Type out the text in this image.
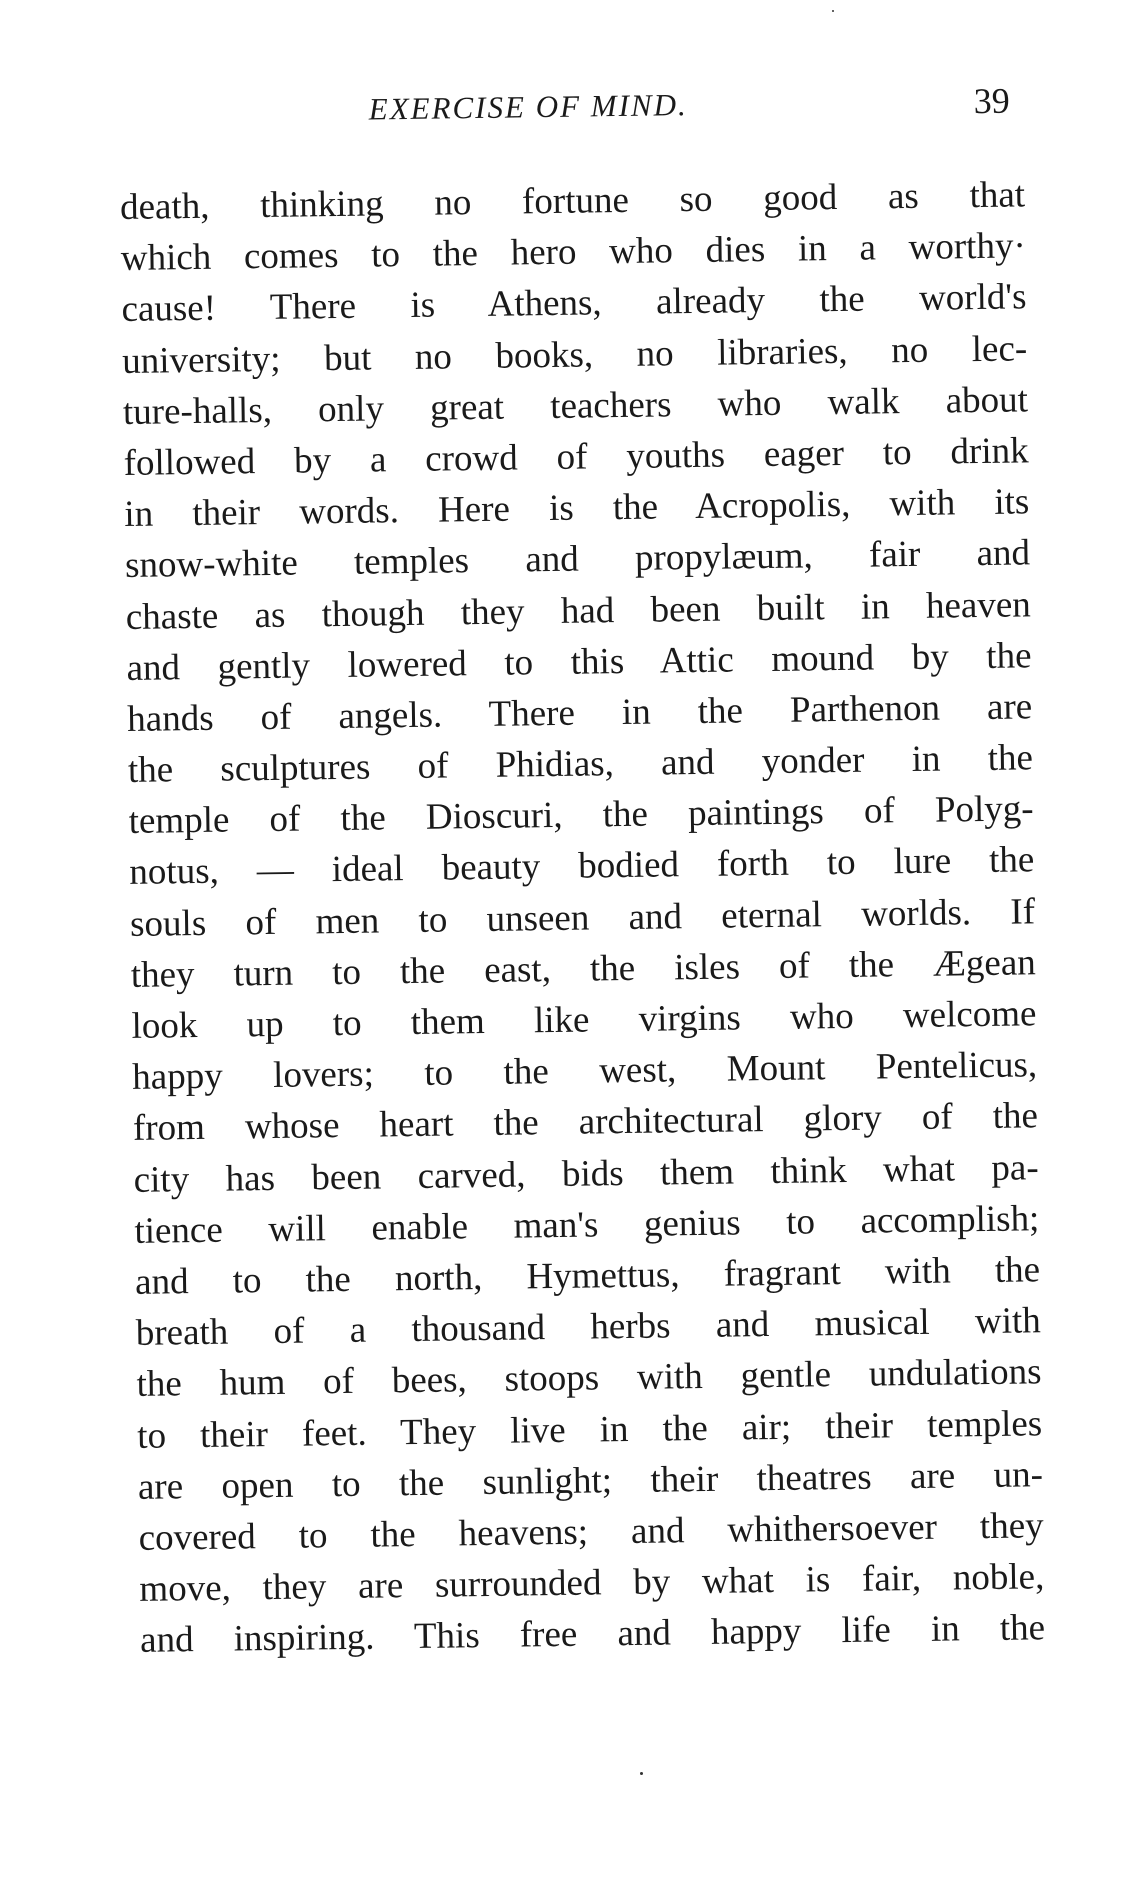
EXERCISE OF MIND.	39
death, thinking no fortune so good as that
which comes to the hero who dies in a worthy·
cause! There is Athens, already the world's
university; but no books, no libraries, no lec-
ture-halls, only great teachers who walk about
followed by a crowd of youths eager to drink
in their words. Here is the Acropolis, with its
snow-white temples and propylæum, fair and
chaste as though they had been built in heaven
and gently lowered to this Attic mound by the
hands of angels. There in the Parthenon are
the sculptures of Phidias, and yonder in the
temple of the Dioscuri, the paintings of Polyg-
notus, — ideal beauty bodied forth to lure the
souls of men to unseen and eternal worlds. If
they turn to the east, the isles of the Ægean
look up to them like virgins who welcome
happy lovers; to the west, Mount Pentelicus,
from whose heart the architectural glory of the
city has been carved, bids them think what pa-
tience will enable man's genius to accomplish;
and to the north, Hymettus, fragrant with the
breath of a thousand herbs and musical with
the hum of bees, stoops with gentle undulations
to their feet. They live in the air; their temples
are open to the sunlight; their theatres are un-
covered to the heavens; and whithersoever they
move, they are surrounded by what is fair, noble,
and inspiring. This free and happy life in the
